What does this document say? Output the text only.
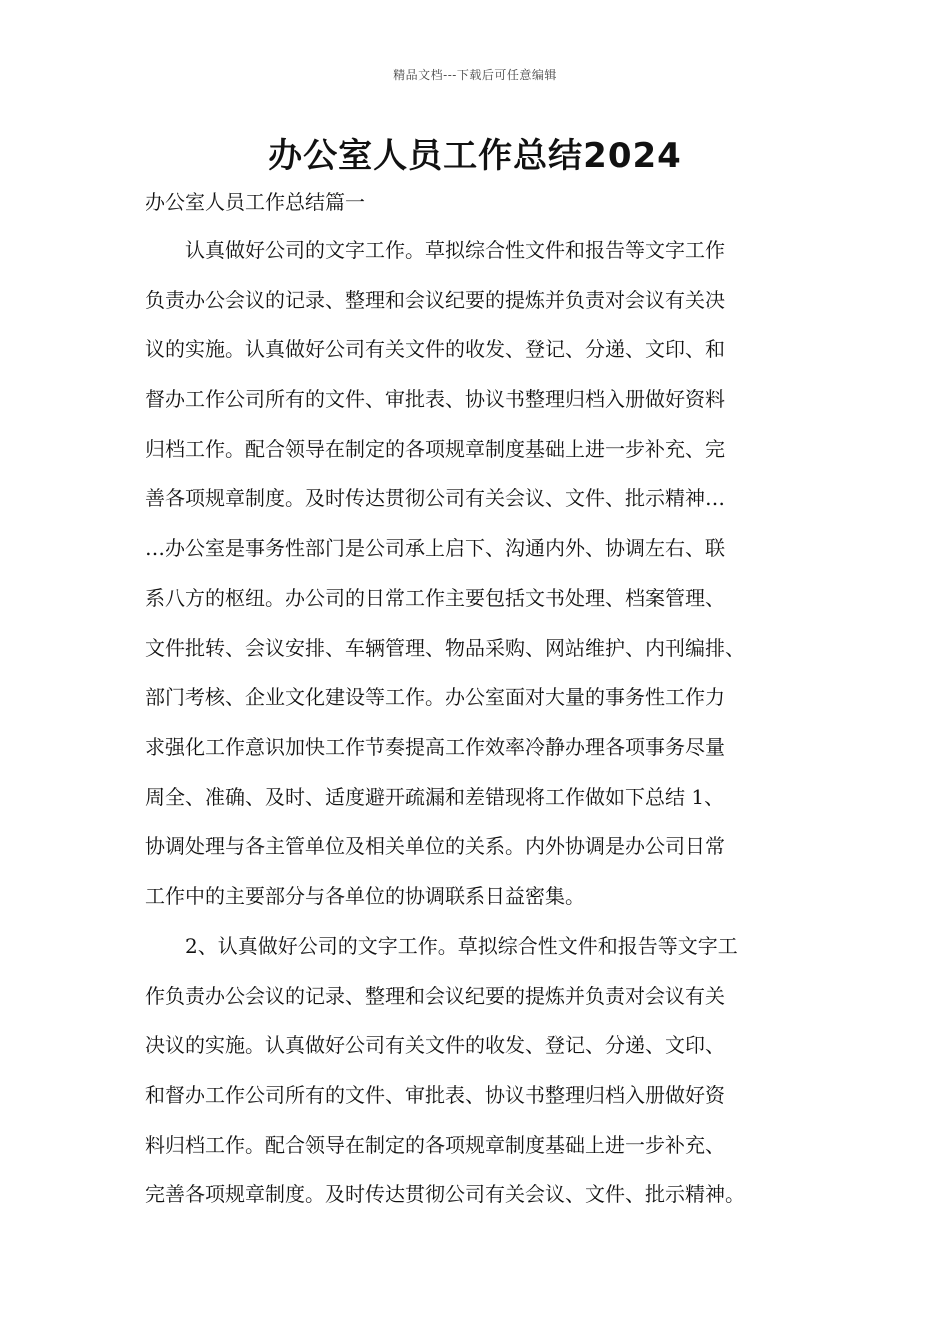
精品文档---下载后可任意编辑
办公室人员工作总结2024

办公室人员工作总结篇一

　　认真做好公司的文字工作。草拟综合性文件和报告等文字工作
负责办公会议的记录、整理和会议纪要的提炼并负责对会议有关决
议的实施。认真做好公司有关文件的收发、登记、分递、文印、和
督办工作公司所有的文件、审批表、协议书整理归档入册做好资料
归档工作。配合领导在制定的各项规章制度基础上进一步补充、完
善各项规章制度。及时传达贯彻公司有关会议、文件、批示精神…
…办公室是事务性部门是公司承上启下、沟通内外、协调左右、联
系八方的枢纽。办公司的日常工作主要包括文书处理、档案管理、
文件批转、会议安排、车辆管理、物品采购、网站维护、内刊编排、
部门考核、企业文化建设等工作。办公室面对大量的事务性工作力
求强化工作意识加快工作节奏提高工作效率冷静办理各项事务尽量
周全、准确、及时、适度避开疏漏和差错现将工作做如下总结 1、
协调处理与各主管单位及相关单位的关系。内外协调是办公司日常
工作中的主要部分与各单位的协调联系日益密集。
　　2、认真做好公司的文字工作。草拟综合性文件和报告等文字工
作负责办公会议的记录、整理和会议纪要的提炼并负责对会议有关
决议的实施。认真做好公司有关文件的收发、登记、分递、文印、
和督办工作公司所有的文件、审批表、协议书整理归档入册做好资
料归档工作。配合领导在制定的各项规章制度基础上进一步补充、
完善各项规章制度。及时传达贯彻公司有关会议、文件、批示精神。
